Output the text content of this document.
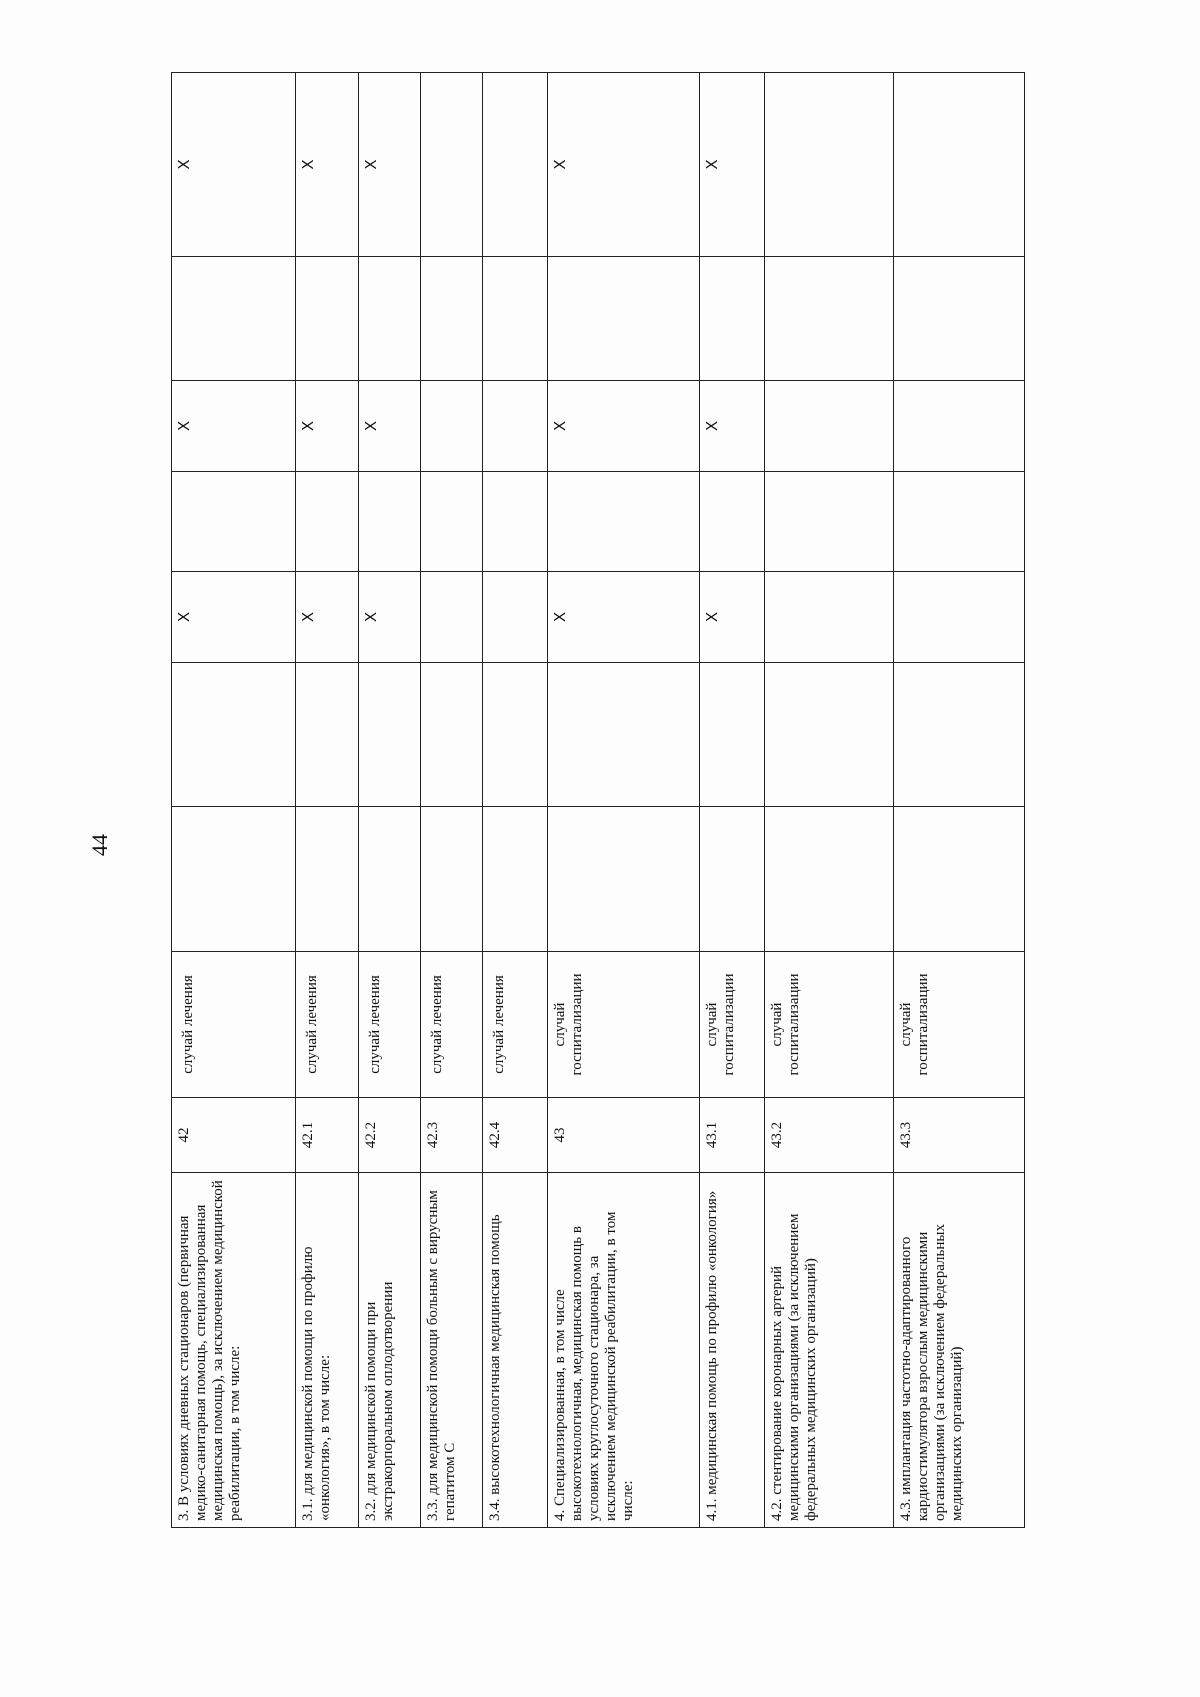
44
3. В условиях дневных стационаров (первичная медико-санитарная помощь, специализированная медицинская помощь), за исключением медицинской реабилитации, в том числе:	42	случай лечения			X		X		X
3.1. для медицинской помощи по профилю «онкология», в том числе:	42.1	случай лечения			X		X		X
3.2. для медицинской помощи при экстракорпоральном оплодотворении	42.2	случай лечения			X		X		X
3.3. для медицинской помощи больным с вирусным гепатитом С	42.3	случай лечения							
3.4. высокотехнологичная медицинская помощь	42.4	случай лечения							
4. Специализированная, в том числе высокотехнологичная, медицинская помощь в условиях круглосуточного стационара, за исключением медицинской реабилитации, в том числе:	43	случай госпитализации			X		X		X
4.1. медицинская помощь по профилю «онкология»	43.1	случай госпитализации			X		X		X
4.2. стентирование коронарных артерий медицинскими организациями (за исключением федеральных медицинских организаций)	43.2	случай госпитализации							
4.3. имплантация частотно-адаптированного кардиостимулятора взрослым медицинскими организациями (за исключением федеральных медицинских организаций)	43.3	случай госпитализации							
